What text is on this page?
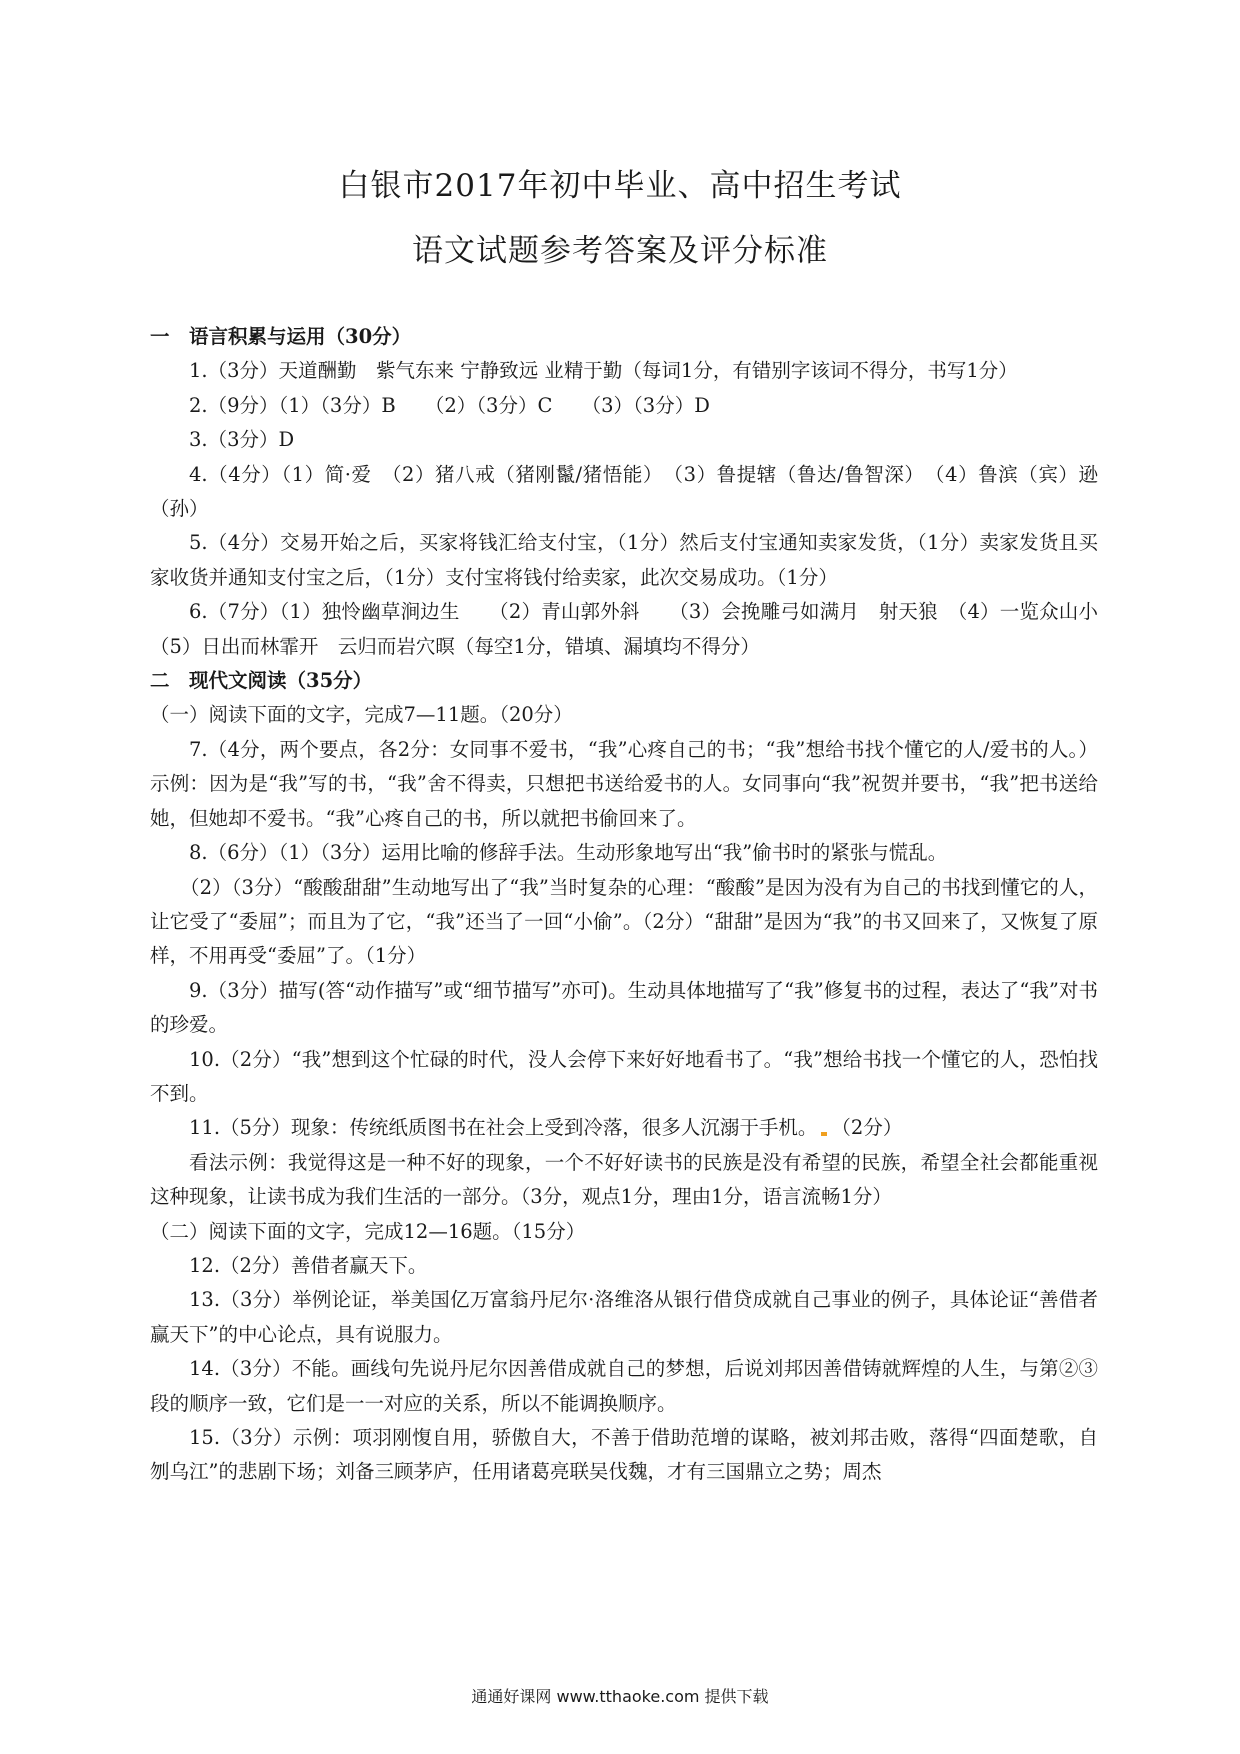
白银市2017年初中毕业、高中招生考试
语文试题参考答案及评分标准

一　语言积累与运用（30分）

1.（3分）天道酬勤　紫气东来 宁静致远 业精于勤（每词1分，有错别字该词不得分，书写1分）

2.（9分）（1）（3分）B　　（2）（3分）C　　（3）（3分）D

3.（3分）D

4.（4分）（1）简·爱　（2）猪八戒（猪刚鬣/猪悟能）　（3）鲁提辖（鲁达/鲁智深）　（4）鲁滨（宾）逊（孙）

5.（4分）交易开始之后，买家将钱汇给支付宝，（1分）然后支付宝通知卖家发货，（1分）卖家发货且买家收货并通知支付宝之后，（1分）支付宝将钱付给卖家，此次交易成功。（1分）

6.（7分）（1）独怜幽草涧边生　　（2）青山郭外斜　　（3）会挽雕弓如满月　射天狼　（4）一览众山小　（5）日出而林霏开　云归而岩穴暝（每空1分，错填、漏填均不得分）

二　现代文阅读（35分）

（一）阅读下面的文字，完成7—11题。（20分）

7.（4分，两个要点，各2分：女同事不爱书，“我”心疼自己的书；“我”想给书找个懂它的人/爱书的人。）示例：因为是“我”写的书，“我”舍不得卖，只想把书送给爱书的人。女同事向“我”祝贺并要书，“我”把书送给她，但她却不爱书。“我”心疼自己的书，所以就把书偷回来了。

8.（6分）（1）（3分）运用比喻的修辞手法。生动形象地写出“我”偷书时的紧张与慌乱。

（2）（3分）“酸酸甜甜”生动地写出了“我”当时复杂的心理：“酸酸”是因为没有为自己的书找到懂它的人，让它受了“委屈”；而且为了它，“我”还当了一回“小偷”。（2分）“甜甜”是因为“我”的书又回来了，又恢复了原样，不用再受“委屈”了。（1分）

9.（3分）描写(答“动作描写”或“细节描写”亦可)。生动具体地描写了“我”修复书的过程，表达了“我”对书的珍爱。

10.（2分）“我”想到这个忙碌的时代，没人会停下来好好地看书了。“我”想给书找一个懂它的人，恐怕找不到。

11.（5分）现象：传统纸质图书在社会上受到冷落，很多人沉溺于手机。 （2分）

看法示例：我觉得这是一种不好的现象，一个不好好读书的民族是没有希望的民族，希望全社会都能重视这种现象，让读书成为我们生活的一部分。（3分，观点1分，理由1分，语言流畅1分）

（二）阅读下面的文字，完成12—16题。（15分）

12.（2分）善借者赢天下。

13.（3分）举例论证，举美国亿万富翁丹尼尔·洛维洛从银行借贷成就自己事业的例子，具体论证“善借者赢天下”的中心论点，具有说服力。

14.（3分）不能。画线句先说丹尼尔因善借成就自己的梦想，后说刘邦因善借铸就辉煌的人生，与第②③段的顺序一致，它们是一一对应的关系，所以不能调换顺序。

15.（3分）示例：项羽刚愎自用，骄傲自大，不善于借助范增的谋略，被刘邦击败，落得“四面楚歌，自刎乌江”的悲剧下场；刘备三顾茅庐，任用诸葛亮联吴伐魏，才有三国鼎立之势；周杰

通通好课网 www.tthaoke.com 提供下载
